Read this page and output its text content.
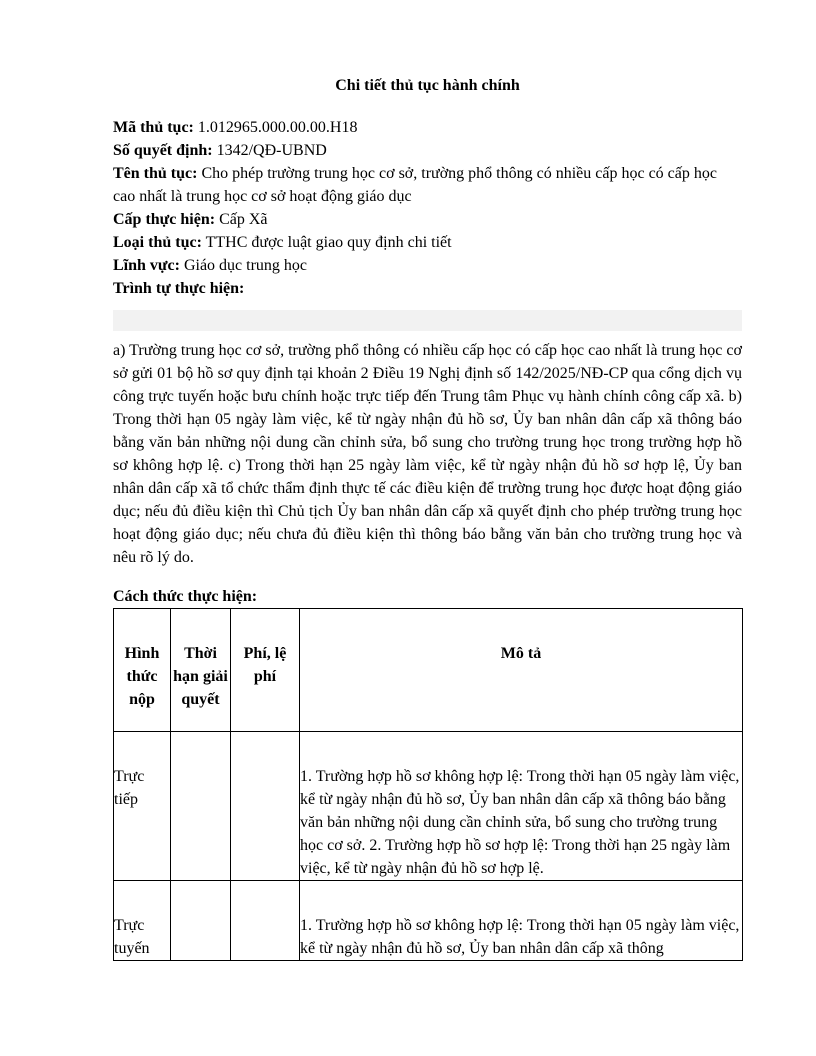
Chi tiết thủ tục hành chính
Mã thủ tục: 1.012965.000.00.00.H18
Số quyết định: 1342/QĐ-UBND
Tên thủ tục: Cho phép trường trung học cơ sở, trường phổ thông có nhiều cấp học có cấp học cao nhất là trung học cơ sở hoạt động giáo dục
Cấp thực hiện: Cấp Xã
Loại thủ tục: TTHC được luật giao quy định chi tiết
Lĩnh vực: Giáo dục trung học
Trình tự thực hiện:
a) Trường trung học cơ sở, trường phổ thông có nhiều cấp học có cấp học cao nhất là trung học cơ sở gửi 01 bộ hồ sơ quy định tại khoản 2 Điều 19 Nghị định số 142/2025/NĐ-CP qua cổng dịch vụ công trực tuyến hoặc bưu chính hoặc trực tiếp đến Trung tâm Phục vụ hành chính công cấp xã. b) Trong thời hạn 05 ngày làm việc, kể từ ngày nhận đủ hồ sơ, Ủy ban nhân dân cấp xã thông báo bằng văn bản những nội dung cần chỉnh sửa, bổ sung cho trường trung học trong trường hợp hồ sơ không hợp lệ. c) Trong thời hạn 25 ngày làm việc, kể từ ngày nhận đủ hồ sơ hợp lệ, Ủy ban nhân dân cấp xã tổ chức thẩm định thực tế các điều kiện để trường trung học được hoạt động giáo dục; nếu đủ điều kiện thì Chủ tịch Ủy ban nhân dân cấp xã quyết định cho phép trường trung học hoạt động giáo dục; nếu chưa đủ điều kiện thì thông báo bằng văn bản cho trường trung học và nêu rõ lý do.
Cách thức thực hiện:
Hình thức nộp	Thời hạn giải quyết	Phí, lệ phí	Mô tả
Trực tiếp			1. Trường hợp hồ sơ không hợp lệ: Trong thời hạn 05 ngày làm việc, kể từ ngày nhận đủ hồ sơ, Ủy ban nhân dân cấp xã thông báo bằng văn bản những nội dung cần chỉnh sửa, bổ sung cho trường trung học cơ sở. 2. Trường hợp hồ sơ hợp lệ: Trong thời hạn 25 ngày làm việc, kể từ ngày nhận đủ hồ sơ hợp lệ.
Trực tuyến			1. Trường hợp hồ sơ không hợp lệ: Trong thời hạn 05 ngày làm việc, kể từ ngày nhận đủ hồ sơ, Ủy ban nhân dân cấp xã thông
